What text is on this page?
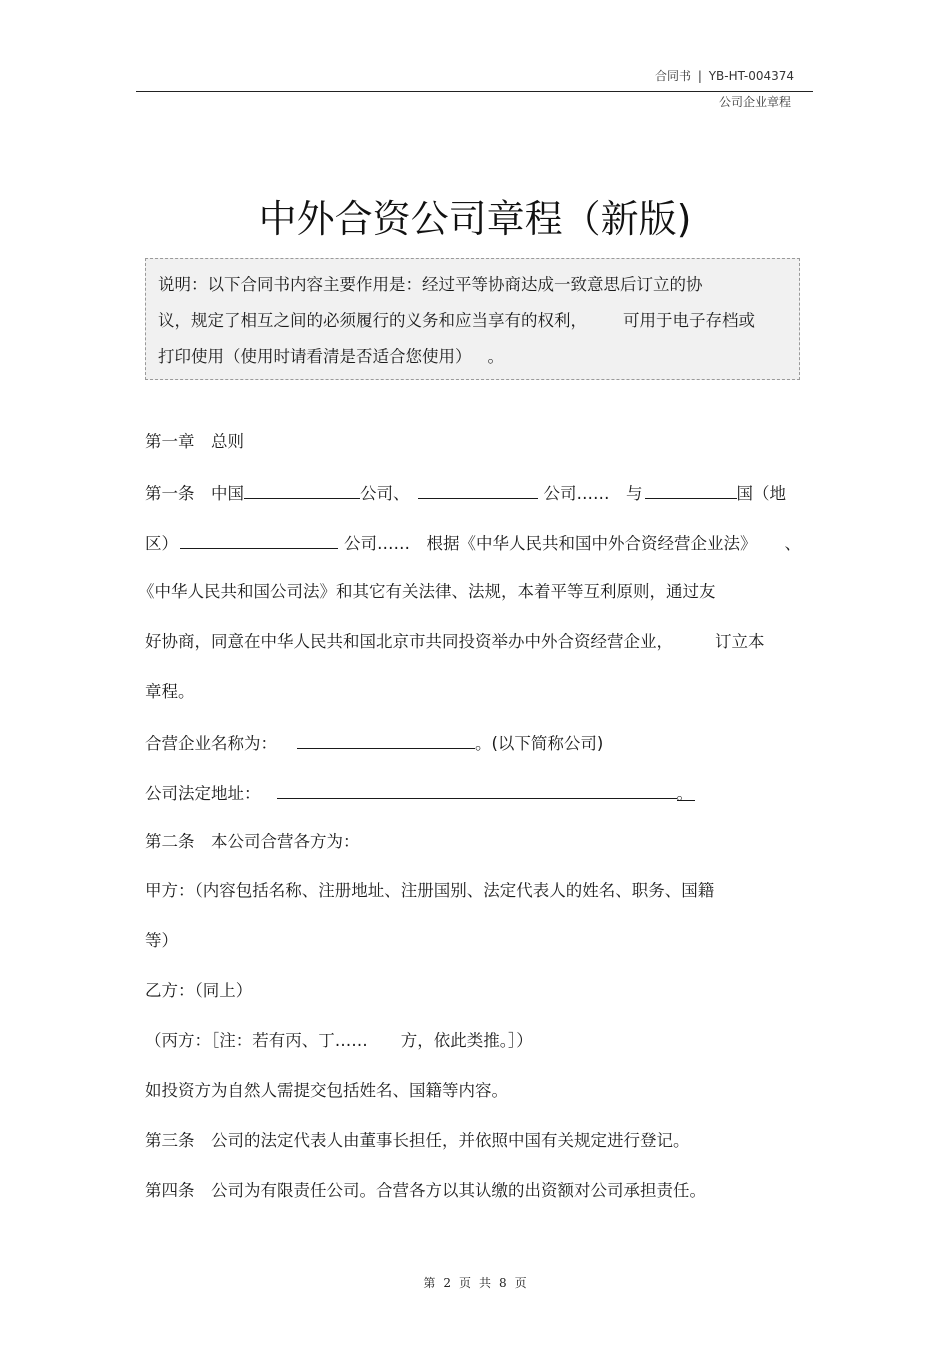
合同书 | YB-HT-004374
公司企业章程
中外合资公司章程（新版)
说明：以下合同书内容主要作用是：经过平等协商达成一致意思后订立的协
议，规定了相互之间的必须履行的义务和应当享有的权利， 可用于电子存档或
打印使用（使用时请看清是否适合您使用） 。
第一章　总则
第一条　中国	公司、	公司……　与	国（地
区）	公司……　根据《中华人民共和国中外合资经营企业法》 、
《中华人民共和国公司法》和其它有关法律、法规，本着平等互利原则，通过友
好协商，同意在中华人民共和国北京市共同投资举办中外合资经营企业，	订立本
章程。
合营企业名称为：	。(以下简称公司)
公司法定地址：	。
第二条　本公司合营各方为：
甲方：（内容包括名称、注册地址、注册国别、法定代表人的姓名、职务、国籍
等）
乙方：（同上）
（丙方：［注：若有丙、丁……　　方，依此类推。］）
如投资方为自然人需提交包括姓名、国籍等内容。
第三条　公司的法定代表人由董事长担任，并依照中国有关规定进行登记。
第四条　公司为有限责任公司。合营各方以其认缴的出资额对公司承担责任。
第 2 页 共 8 页
